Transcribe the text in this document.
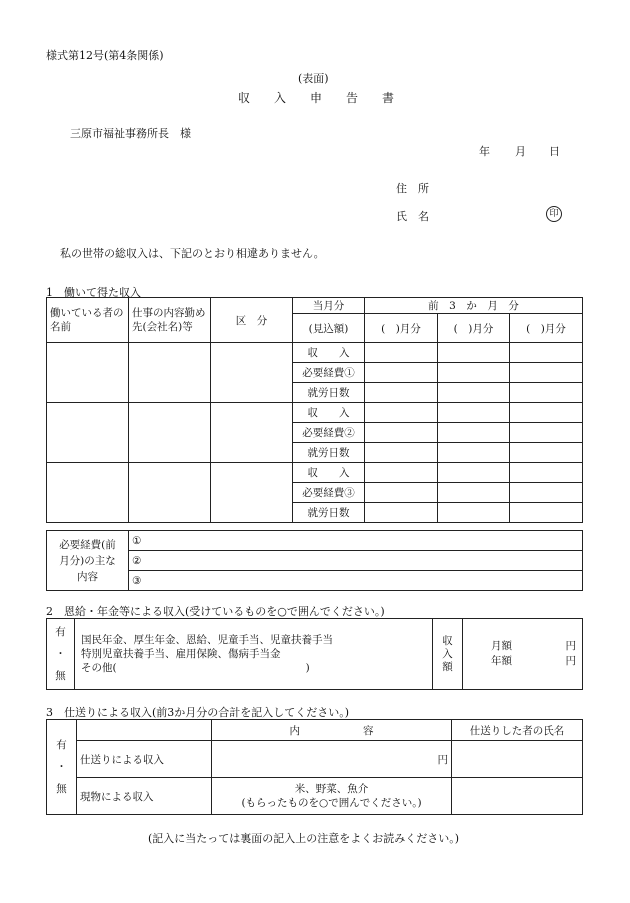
様式第12号(第4条関係)
(表面)
収　　入　　申　　告　　書
三原市福祉事務所長　様
年 月 日
住　所
氏　名	印
私の世帯の総収入は、下記のとおり相違ありません。
1　働いて得た収入
働いている者の名前	仕事の内容勤め先(会社名)等	区　分	当月分	前　3　か　月　分		
			(見込額)	(　)月分	(　)月分	(　)月分
			収　　入			
			必要経費①			
			就労日数			
			収　　入			
			必要経費②			
			就労日数			
			収　　入			
			必要経費③			
			就労日数			
必要経費(前月分)の主な内容	①
②
③
2　恩給・年金等による収入(受けているものを○で囲んでください。)
有
・
無

国民年金、厚生年金、恩給、児童手当、児童扶養手当
特別児童扶養手当、雇用保険、傷病手当金
その他(　　　　　　　　　　　　　　　　　　)
	収入額	
月額	円
年額	円
3　仕送りによる収入(前3か月分の合計を記入してください。)
有
・
無		内　　　　　　容	仕送りした者の氏名
	仕送りによる収入	円	
	現物による収入	米、野菜、魚介
(もらったものを○で囲んでください。)	

(記入に当たっては裏面の記入上の注意をよくお読みください。)
